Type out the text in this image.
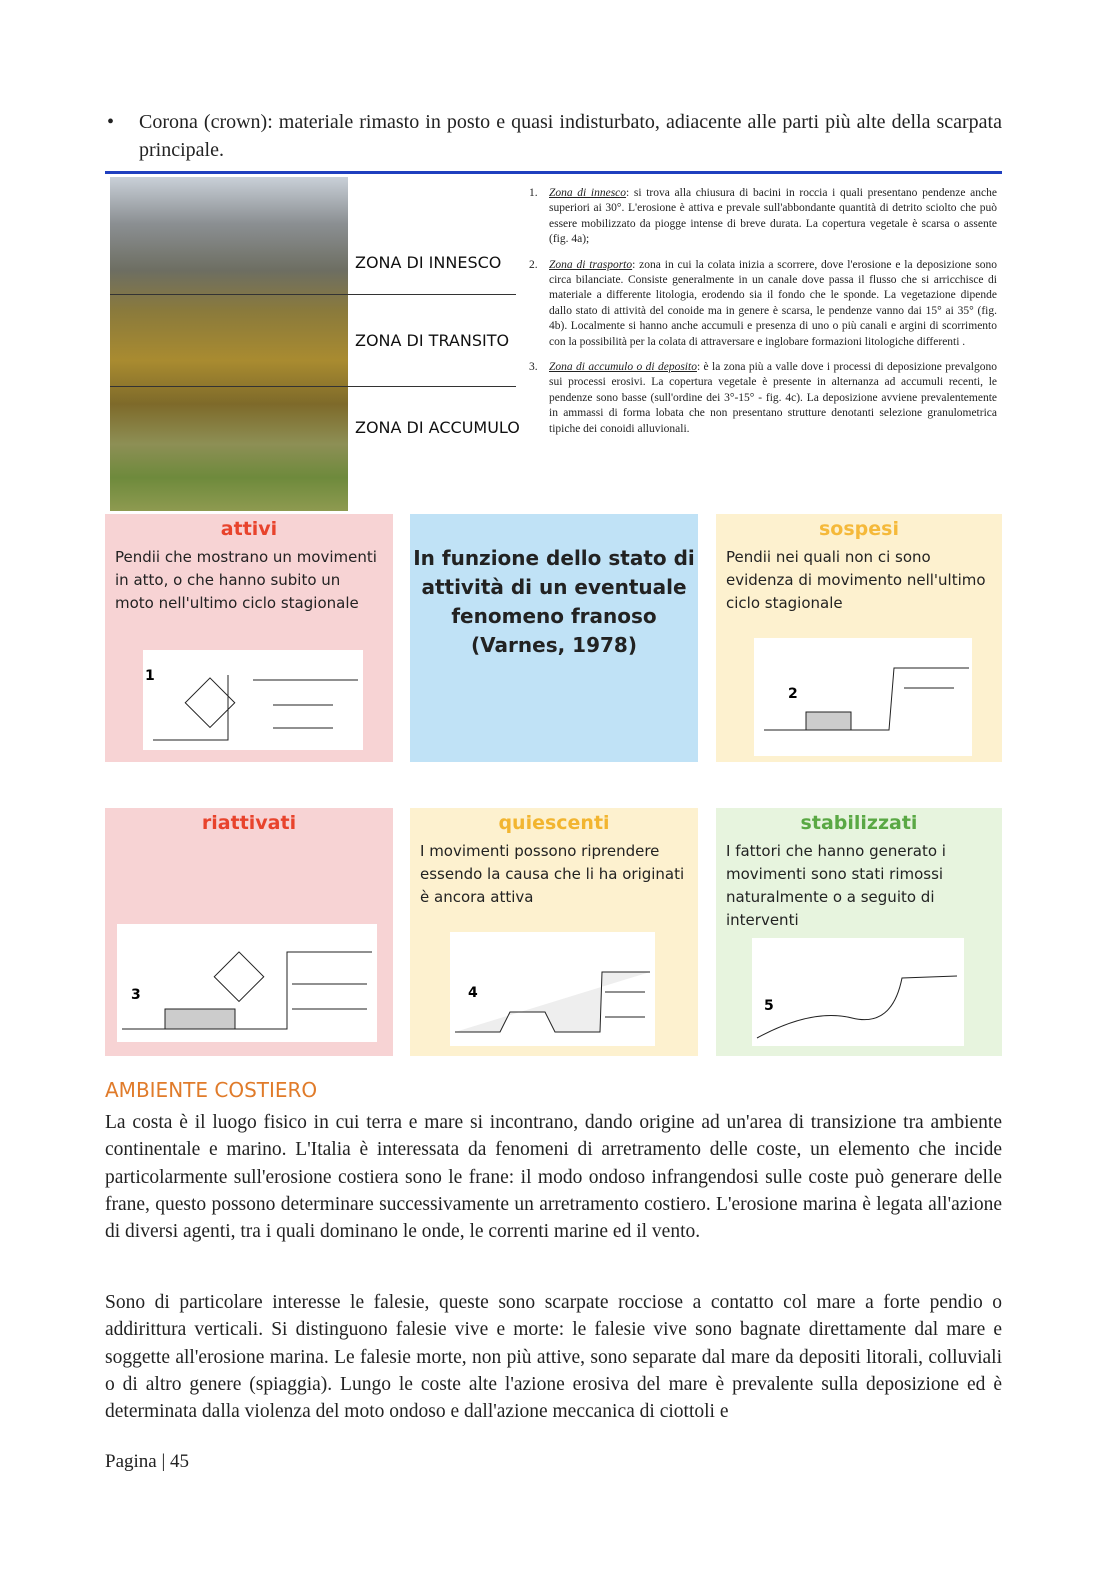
• Corona (crown): materiale rimasto in posto e quasi indisturbato, adiacente alle parti più alte della scarpata principale.
ZONA DI INNESCO
ZONA DI TRANSITO
ZONA DI ACCUMULO
1. Zona di innesco: si trova alla chiusura di bacini in roccia i quali presentano pendenze anche superiori ai 30°. L'erosione è attiva e prevale sull'abbondante quantità di detrito sciolto che può essere mobilizzato da piogge intense di breve durata. La copertura vegetale è scarsa o assente (fig. 4a);
2. Zona di trasporto: zona in cui la colata inizia a scorrere, dove l'erosione e la deposizione sono circa bilanciate. Consiste generalmente in un canale dove passa il flusso che si arricchisce di materiale a differente litologia, erodendo sia il fondo che le sponde. La vegetazione dipende dallo stato di attività del conoide ma in genere è scarsa, le pendenze vanno dai 15° ai 35° (fig. 4b). Localmente si hanno anche accumuli e presenza di uno o più canali e argini di scorrimento con la possibilità per la colata di attraversare e inglobare formazioni litologiche differenti .
3. Zona di accumulo o di deposito: è la zona più a valle dove i processi di deposizione prevalgono sui processi erosivi. La copertura vegetale è presente in alternanza ad accumuli recenti, le pendenze sono basse (sull'ordine dei 3°-15° - fig. 4c). La deposizione avviene prevalentemente in ammassi di forma lobata che non presentano strutture denotanti selezione granulometrica tipiche dei conoidi alluvionali.
attivi
Pendii che mostrano un movimenti in atto, o che hanno subito un moto nell'ultimo ciclo stagionale
1
In funzione dello stato di attività di un eventuale fenomeno franoso (Varnes, 1978)
sospesi
Pendii nei quali non ci sono evidenza di movimento nell'ultimo ciclo stagionale
2
riattivati
3
quiescenti
I movimenti possono riprendere essendo la causa che li ha originati è ancora attiva
4
stabilizzati
I fattori che hanno generato i movimenti sono stati rimossi naturalmente o a seguito di interventi
5
AMBIENTE COSTIERO
La costa è il luogo fisico in cui terra e mare si incontrano, dando origine ad un'area di transizione tra ambiente continentale e marino. L'Italia è interessata da fenomeni di arretramento delle coste, un elemento che incide particolarmente sull'erosione costiera sono le frane: il modo ondoso infrangendosi sulle coste può generare delle frane, questo possono determinare successivamente un arretramento costiero. L'erosione marina è legata all'azione di diversi agenti, tra i quali dominano le onde, le correnti marine ed il vento.
Sono di particolare interesse le falesie, queste sono scarpate rocciose a contatto col mare a forte pendio o addirittura verticali. Si distinguono falesie vive e morte: le falesie vive sono bagnate direttamente dal mare e soggette all'erosione marina. Le falesie morte, non più attive, sono separate dal mare da depositi litorali, colluviali o di altro genere (spiaggia). Lungo le coste alte l'azione erosiva del mare è prevalente sulla deposizione ed è determinata dalla violenza del moto ondoso e dall'azione meccanica di ciottoli e
Pagina | 45
